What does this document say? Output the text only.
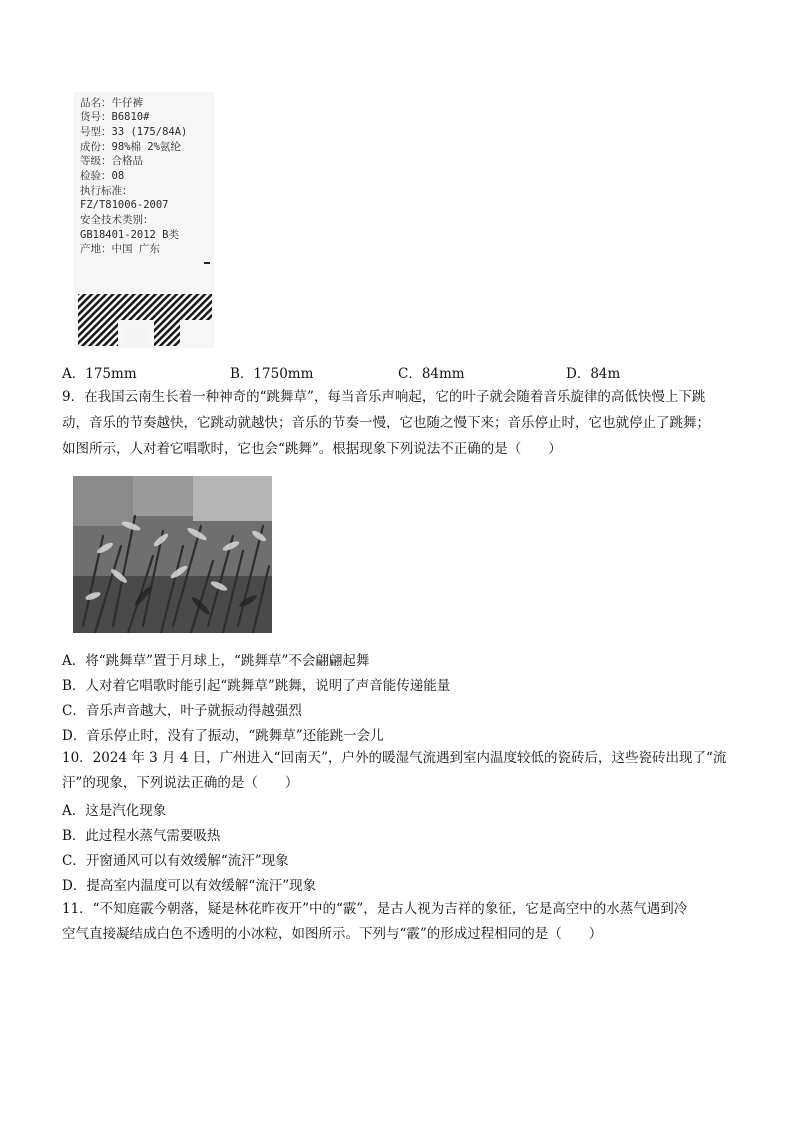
品名：牛仔裤
货号：B6810#
号型：33 (175/84A)
成份：98%棉 2%氨纶
等级：合格品
检验：08
执行标准：
FZ/T81006-2007
安全技术类别：
GB18401-2012 B类
产地：中国 广东
A．175mm	B．1750mm	C．84mm	D．84m
9．在我国云南生长着一种神奇的“跳舞草”，每当音乐声响起，它的叶子就会随着音乐旋律的高低快慢上下跳
动，音乐的节奏越快，它跳动就越快；音乐的节奏一慢，它也随之慢下来；音乐停止时，它也就停止了跳舞；
如图所示，人对着它唱歌时，它也会“跳舞”。根据现象下列说法不正确的是（　　）
A．将“跳舞草”置于月球上，“跳舞草”不会翩翩起舞
B．人对着它唱歌时能引起“跳舞草”跳舞，说明了声音能传递能量
C．音乐声音越大，叶子就振动得越强烈
D．音乐停止时，没有了振动，“跳舞草”还能跳一会儿
10．2024 年 3 月 4 日，广州进入“回南天”，户外的暖湿气流遇到室内温度较低的瓷砖后，这些瓷砖出现了“流
汗”的现象，下列说法正确的是（　　）
A．这是汽化现象
B．此过程水蒸气需要吸热
C．开窗通风可以有效缓解“流汗”现象
D．提高室内温度可以有效缓解“流汗”现象
11．“不知庭霰今朝落，疑是林花昨夜开”中的“霰”，是古人视为吉祥的象征，它是高空中的水蒸气遇到冷
空气直接凝结成白色不透明的小冰粒，如图所示。下列与“霰”的形成过程相同的是（　　）
